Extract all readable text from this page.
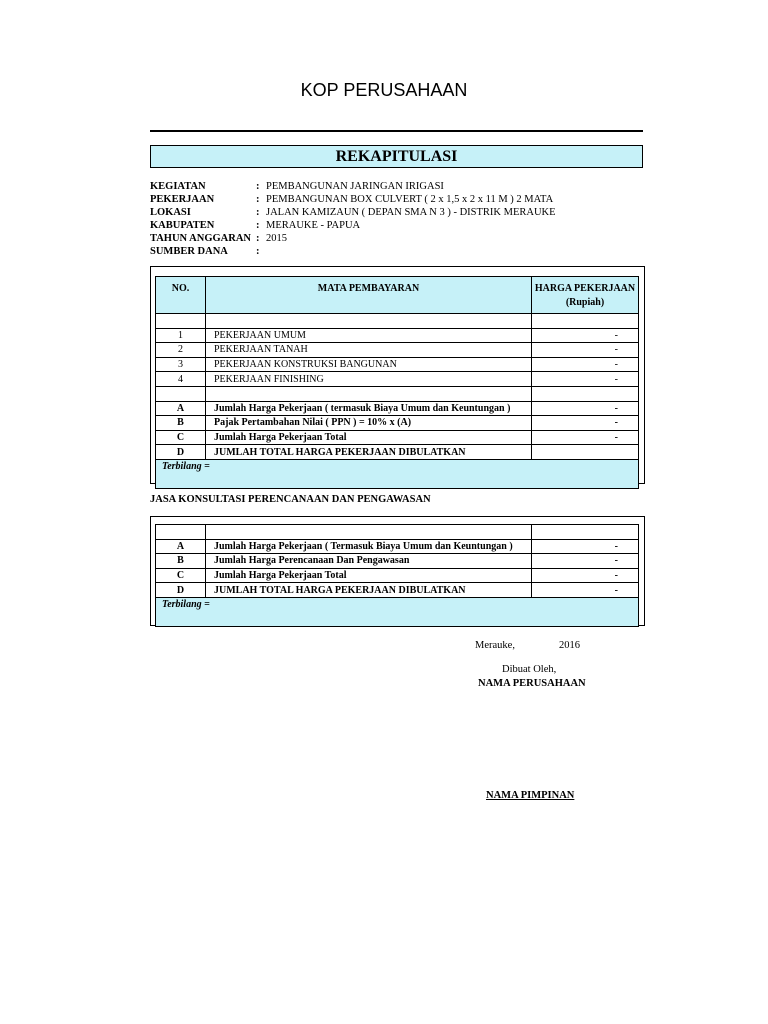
KOP PERUSAHAAN
REKAPITULASI
KEGIATAN	: PEMBANGUNAN JARINGAN IRIGASI
PEKERJAAN	: PEMBANGUNAN BOX CULVERT ( 2 x 1,5 x 2 x 11 M ) 2 MATA
LOKASI	: JALAN KAMIZAUN ( DEPAN SMA N 3 ) - DISTRIK MERAUKE
KABUPATEN	: MERAUKE - PAPUA
TAHUN ANGGARAN : 2015
SUMBER DANA	:
NO.	MATA PEMBAYARAN	HARGA PEKERJAAN
(Rupiah)

1	PEKERJAAN UMUM	-
2	PEKERJAAN TANAH	-
3	PEKERJAAN KONSTRUKSI BANGUNAN	-
4	PEKERJAAN FINISHING	-

A	Jumlah Harga Pekerjaan ( termasuk Biaya Umum dan Keuntungan )	-
B	Pajak Pertambahan Nilai ( PPN ) = 10% x (A)	-
C	Jumlah Harga Pekerjaan Total	-
D	JUMLAH TOTAL HARGA PEKERJAAN DIBULATKAN	
Terbilang =		
JASA KONSULTASI PERENCANAAN DAN PENGAWASAN

A	Jumlah Harga Pekerjaan ( Termasuk Biaya Umum dan Keuntungan )	-
B	Jumlah Harga Perencanaan Dan Pengawasan	-
C	Jumlah Harga Pekerjaan Total	-
D	JUMLAH TOTAL HARGA PEKERJAAN DIBULATKAN	-
Terbilang =		
Merauke,	2016
Dibuat Oleh,
NAMA PERUSAHAAN
NAMA PIMPINAN
